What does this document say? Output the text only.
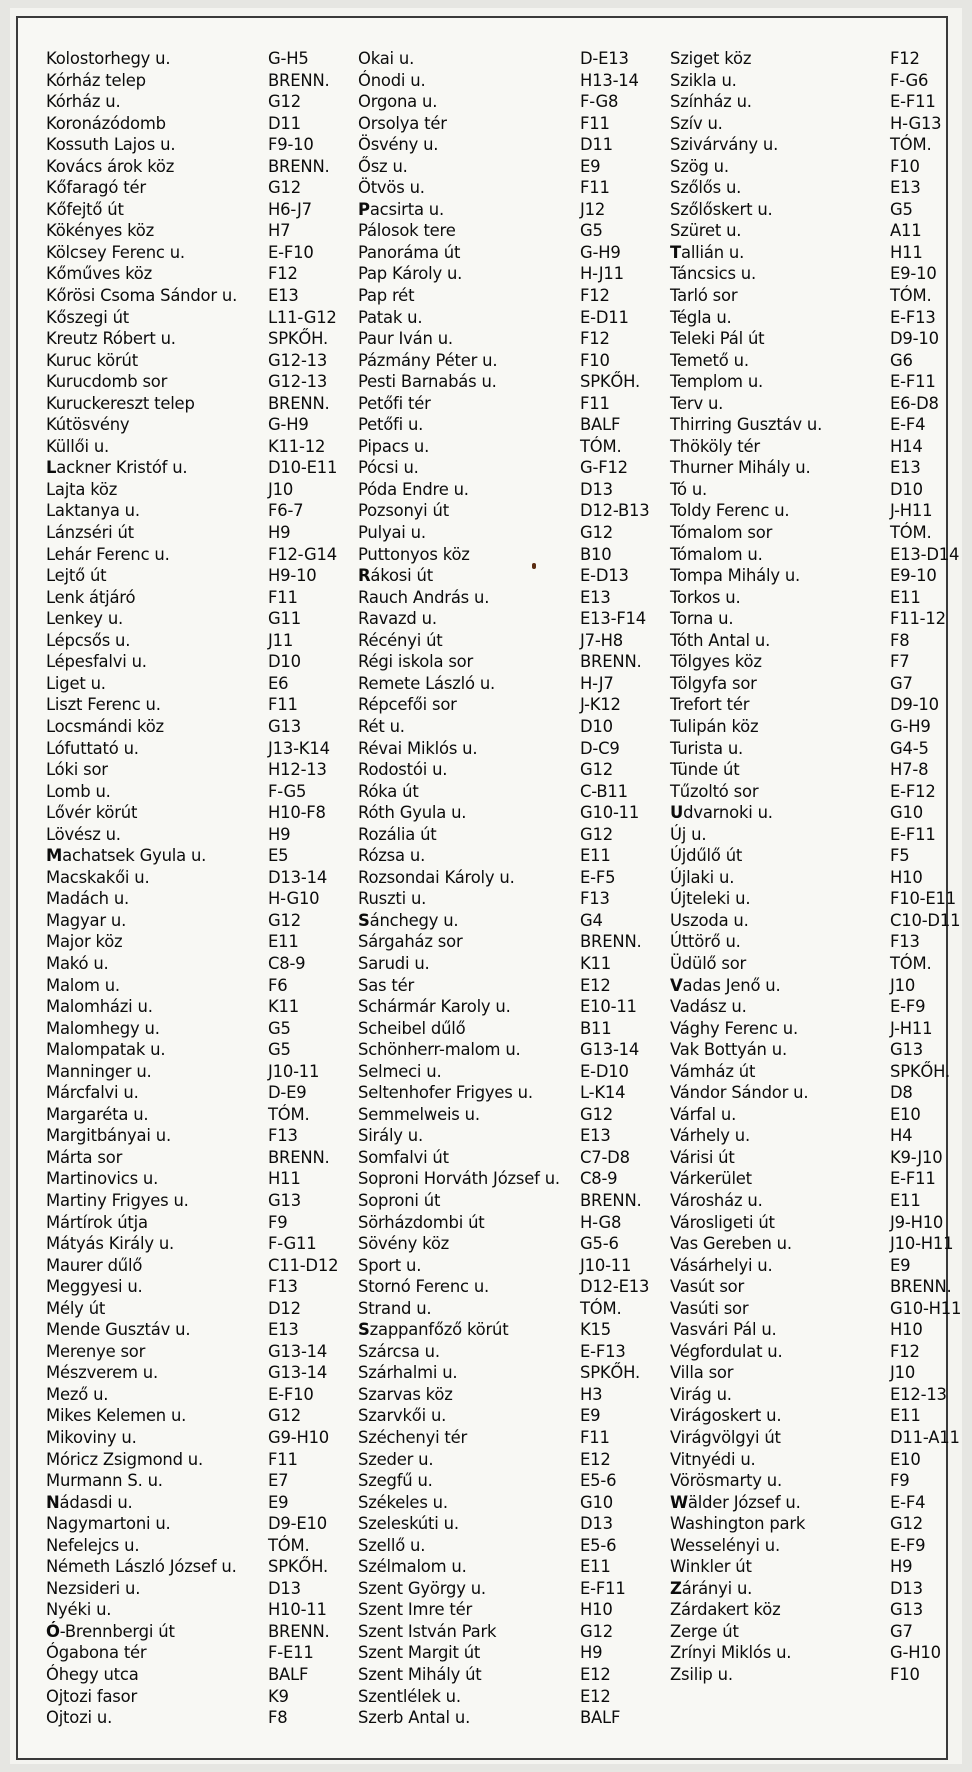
Kolostorhegy u.	G-H5
Kórház telep	BRENN.
Kórház u.	G12
Koronázódomb	D11
Kossuth Lajos u.	F9-10
Kovács árok köz	BRENN.
Kőfaragó tér	G12
Kőfejtő út	H6-J7
Kökényes köz	H7
Kölcsey Ferenc u.	E-F10
Kőműves köz	F12
Kőrösi Csoma Sándor u. E13
Kőszegi út	L11-G12
Kreutz Róbert u.	SPKŐH.
Kuruc körút	G12-13
Kurucdomb sor	G12-13
Kuruckereszt telep	BRENN.
Kútösvény	G-H9
Küllői u.	K11-12
Lackner Kristóf u.	D10-E11
Lajta köz	J10
Laktanya u.	F6-7
Lánzséri út	H9
Lehár Ferenc u.	F12-G14
Lejtő út	H9-10
Lenk átjáró	F11
Lenkey u.	G11
Lépcsős u.	J11
Lépesfalvi u.	D10
Liget u.	E6
Liszt Ferenc u.	F11
Locsmándi köz	G13
Lófuttató u.	J13-K14
Lóki sor	H12-13
Lomb u.	F-G5
Lővér körút	H10-F8
Lövész u.	H9
Machatsek Gyula u.	E5
Macskakői u.	D13-14
Madách u.	H-G10
Magyar u.	G12
Major köz	E11
Makó u.	C8-9
Malom u.	F6
Malomházi u.	K11
Malomhegy u.	G5
Malompatak u.	G5
Manninger u.	J10-11
Márcfalvi u.	D-E9
Margaréta u.	TÓM.
Margitbányai u.	F13
Márta sor	BRENN.
Martinovics u.	H11
Martiny Frigyes u.	G13
Mártírok útja	F9
Mátyás Király u.	F-G11
Maurer dűlő	C11-D12
Meggyesi u.	F13
Mély út	D12
Mende Gusztáv u.	E13
Merenye sor	G13-14
Mészverem u.	G13-14
Mező u.	E-F10
Mikes Kelemen u.	G12
Mikoviny u.	G9-H10
Móricz Zsigmond u.	F11
Murmann S. u.	E7
Nádasdi u.	E9
Nagymartoni u.	D9-E10
Nefelejcs u.	TÓM.
Németh László József u. SPKŐH.
Nezsideri u.	D13
Nyéki u.	H10-11
Ó-Brennbergi út	BRENN.
Ógabona tér	F-E11
Óhegy utca	BALF
Ojtozi fasor	K9
Ojtozi u.	F8
Okai u.	D-E13
Ónodi u.	H13-14
Orgona u.	F-G8
Orsolya tér	F11
Ösvény u.	D11
Ősz u.	E9
Ötvös u.	F11
Pacsirta u.	J12
Pálosok tere	G5
Panoráma út	G-H9
Pap Károly u.	H-J11
Pap rét	F12
Patak u.	E-D11
Paur Iván u.	F12
Pázmány Péter u.	F10
Pesti Barnabás u.	SPKŐH.
Petőfi tér	F11
Petőfi u.	BALF
Pipacs u.	TÓM.
Pócsi u.	G-F12
Póda Endre u.	D13
Pozsonyi út	D12-B13
Pulyai u.	G12
Puttonyos köz	B10
Rákosi út	E-D13
Rauch András u.	E13
Ravazd u.	E13-F14
Récényi út	J7-H8
Régi iskola sor	BRENN.
Remete László u.	H-J7
Répcefői sor	J-K12
Rét u.	D10
Révai Miklós u.	D-C9
Rodostói u.	G12
Róka út	C-B11
Róth Gyula u.	G10-11
Rozália út	G12
Rózsa u.	E11
Rozsondai Károly u.	E-F5
Ruszti u.	F13
Sánchegy u.	G4
Sárgaház sor	BRENN.
Sarudi u.	K11
Sas tér	E12
Schármár Karoly u.	E10-11
Scheibel dűlő	B11
Schönherr-malom u.	G13-14
Selmeci u.	E-D10
Seltenhofer Frigyes u.	L-K14
Semmelweis u.	G12
Sirály u.	E13
Somfalvi út	C7-D8
Soproni Horváth József u. C8-9
Soproni út	BRENN.
Sörházdombi út	H-G8
Sövény köz	G5-6
Sport u.	J10-11
Stornó Ferenc u.	D12-E13
Strand u.	TÓM.
Szappanfőző körút	K15
Szárcsa u.	E-F13
Szárhalmi u.	SPKŐH.
Szarvas köz	H3
Szarvkői u.	E9
Széchenyi tér	F11
Szeder u.	E12
Szegfű u.	E5-6
Székeles u.	G10
Szeleskúti u.	D13
Szellő u.	E5-6
Szélmalom u.	E11
Szent György u.	E-F11
Szent Imre tér	H10
Szent István Park	G12
Szent Margit út	H9
Szent Mihály út	E12
Szentlélek u.	E12
Szerb Antal u.	BALF
Sziget köz	F12
Szikla u.	F-G6
Színház u.	E-F11
Szív u.	H-G13
Szivárvány u.	TÓM.
Szög u.	F10
Szőlős u.	E13
Szőlőskert u.	G5
Szüret u.	A11
Tallián u.	H11
Táncsics u.	E9-10
Tarló sor	TÓM.
Tégla u.	E-F13
Teleki Pál út	D9-10
Temető u.	G6
Templom u.	E-F11
Terv u.	E6-D8
Thirring Gusztáv u.	E-F4
Thököly tér	H14
Thurner Mihály u.	E13
Tó u.	D10
Toldy Ferenc u.	J-H11
Tómalom sor	TÓM.
Tómalom u.	E13-D14
Tompa Mihály u.	E9-10
Torkos u.	E11
Torna u.	F11-12
Tóth Antal u.	F8
Tölgyes köz	F7
Tölgyfa sor	G7
Trefort tér	D9-10
Tulipán köz	G-H9
Turista u.	G4-5
Tünde út	H7-8
Tűzoltó sor	E-F12
Udvarnoki u.	G10
Új u.	E-F11
Újdűlő út	F5
Újlaki u.	H10
Újteleki u.	F10-E11
Uszoda u.	C10-D11
Úttörő u.	F13
Üdülő sor	TÓM.
Vadas Jenő u.	J10
Vadász u.	E-F9
Vághy Ferenc u.	J-H11
Vak Bottyán u.	G13
Vámház út	SPKŐH.
Vándor Sándor u.	D8
Várfal u.	E10
Várhely u.	H4
Várisi út	K9-J10
Várkerület	E-F11
Városház u.	E11
Városligeti út	J9-H10
Vas Gereben u.	J10-H11
Vásárhelyi u.	E9
Vasút sor	BRENN.
Vasúti sor	G10-H11
Vasvári Pál u.	H10
Végfordulat u.	F12
Villa sor	J10
Virág u.	E12-13
Virágoskert u.	E11
Virágvölgyi út	D11-A11
Vitnyédi u.	E10
Vörösmarty u.	F9
Wälder József u.	E-F4
Washington park	G12
Wesselényi u.	E-F9
Winkler út	H9
Zárányi u.	D13
Zárdakert köz	G13
Zerge út	G7
Zrínyi Miklós u.	G-H10
Zsilip u.	F10
